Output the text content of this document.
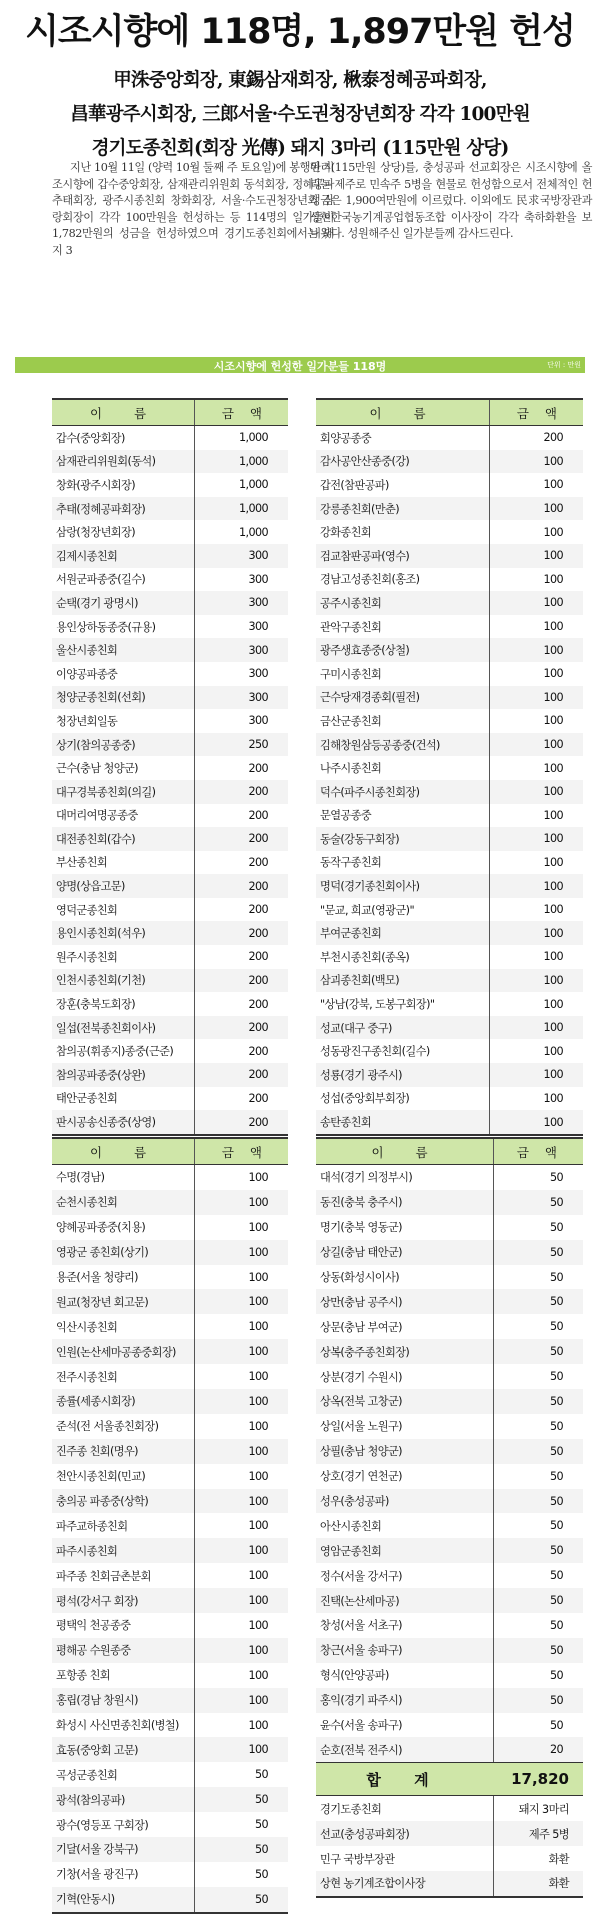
시조시향에 118명, 1,897만원 헌성
甲洙중앙회장, 東錫삼재회장, 楸泰정혜공파회장,
昌華광주시회장, 三郎서울·수도권청장년회장 각각 100만원
경기도종친회(회장 光傳) 돼지 3마리 (115만원 상당)
지난 10월 11일 (양력 10월 둘째 주 토요일)에 봉행된 시조시향에 갑수중앙회장, 삼재관리위원회 동석회장, 정혜공파 추태회장, 광주시종친회 창화회장, 서울·수도권청장년회 삼랑회장이 각각 100만원을 헌성하는 등 114명의 일가들이 1,782만원의 성금을 헌성하였으며 경기도종친회에서는 돼지 3
마리(115만원 상당)를, 충성공파 선교회장은 시조시향에 올리는 제주로 민속주 5병을 현물로 헌성함으로서 전체적인 헌성금은 1,900여만원에 이르렀다. 이외에도 民求국방장관과 상현한국농기계공업협동조합 이사장이 각각 축하화환을 보내왔다. 성원해주신 일가분들께 감사드린다.
시조시향에 헌성한 일가분들 118명	단위 : 만원
이 름	금 액
갑수(중앙회장)	1,000
삼재관리위원회(동석)	1,000
창화(광주시회장)	1,000
추태(정혜공파회장)	1,000
삼랑(청장년회장)	1,000
김제시종친회	300
서원군파종중(길수)	300
순택(경기 광명시)	300
용인상하동종중(규용)	300
울산시종친회	300
이양공파종중	300
청양군종친회(선회)	300
청장년회일동	300
상기(참의공종중)	250
근수(충남 청양군)	200
대구경북종친회(의길)	200
대머리여명공종중	200
대전종친회(갑수)	200
부산종친회	200
양명(상읍고문)	200
영덕군종친회	200
용인시종친회(석우)	200
원주시종친회	200
인천시종친회(기천)	200
장훈(충북도회장)	200
일섭(전북종친회이사)	200
참의공(휘종지)종중(근준)	200
참의공파종중(상완)	200
태안군종친회	200
판시공송신종중(상영)	200
이 름	금 액
회양공종중	200
감사공안산종중(강)	100
갑전(참판공파)	100
강릉종친회(만춘)	100
강화종친회	100
검교참판공파(영수)	100
경남고성종친회(홍조)	100
공주시종친회	100
관악구종친회	100
광주생효종중(상철)	100
구미시종친회	100
근수당재경종회(필전)	100
금산군종친회	100
김해창원삼등공종중(건석)	100
나주시종친회	100
덕수(파주시종친회장)	100
문열공종중	100
동술(강동구회장)	100
동작구종친회	100
명덕(경기종친회이사)	100
"문교, 희교(영광군)"	100
부여군종친회	100
부천시종친회(종옥)	100
삼괴종친회(백모)	100
"상남(강북, 도봉구회장)"	100
성교(대구 중구)	100
성동광진구종친회(길수)	100
성룡(경기 광주시)	100
성섭(중앙회부회장)	100
송탄종친회	100
이 름	금 액
수명(경남)	100
순천시종친회	100
양혜공파종중(치용)	100
영광군 종친회(상기)	100
용준(서울 청량리)	100
원교(청장년 회고문)	100
익산시종친회	100
인원(논산세마공종중회장)	100
전주시종친회	100
종률(세종시회장)	100
준석(전 서울종친회장)	100
진주종 친회(명우)	100
천안시종친회(민교)	100
충의공 파종중(상학)	100
파주교하종친회	100
파주시종친회	100
파주종 친회금촌분회	100
평석(강서구 회장)	100
평택익 천공종중	100
평해공 수원종중	100
포항종 친회	100
홍립(경남 창원시)	100
화성시 사신면종친회(병철)	100
효동(중앙회 고문)	100
곡성군종친회	50
광석(참의공파)	50
광수(영등포 구회장)	50
기달(서울 강북구)	50
기창(서울 광진구)	50
기혁(안동시)	50
이 름	금 액
대석(경기 의정부시)	50
동진(충북 충주시)	50
명기(충북 영동군)	50
상길(충남 태안군)	50
상동(화성시이사)	50
상만(충남 공주시)	50
상문(충남 부여군)	50
상복(충주종친회장)	50
상분(경기 수원시)	50
상옥(전북 고창군)	50
상일(서울 노원구)	50
상필(충남 청양군)	50
상호(경기 연천군)	50
성우(충성공파)	50
아산시종친회	50
영암군종친회	50
정수(서울 강서구)	50
진택(논산세마공)	50
창성(서울 서초구)	50
창근(서울 송파구)	50
형식(안양공파)	50
홍익(경기 파주시)	50
윤수(서울 송파구)	50
순호(전북 전주시)	20
합 계	17,820
경기도종친회	돼지 3마리
선교(충성공파회장)	제주 5병
민구 국방부장관	화환
상현 농기계조합이사장	화환
